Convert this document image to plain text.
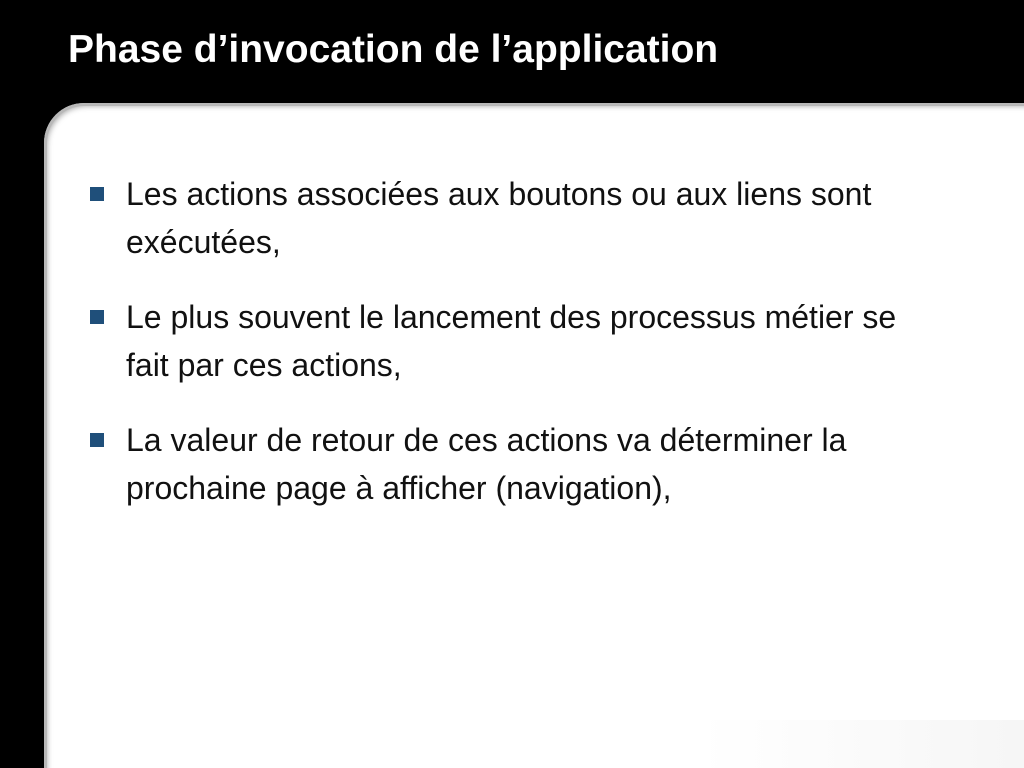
Phase d’invocation de l’application
Les actions associées aux boutons ou aux liens sont exécutées,
Le plus souvent le lancement des processus métier se fait par ces actions,
La valeur de retour de ces actions va déterminer la prochaine page à afficher (navigation),
